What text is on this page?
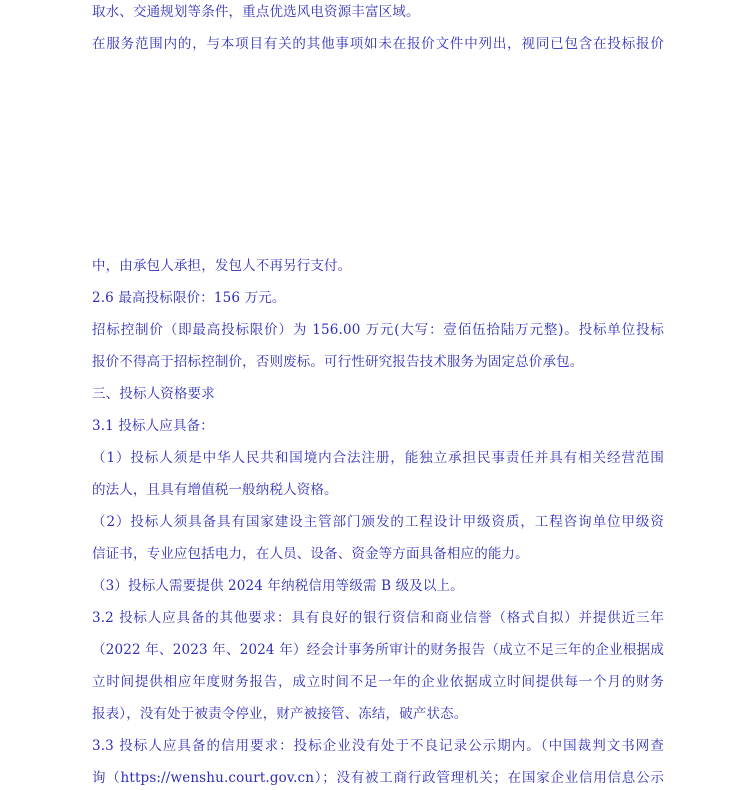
取水、交通规划等条件，重点优选风电资源丰富区域。
在服务范围内的，与本项目有关的其他事项如未在报价文件中列出，视同已包含在投标报价
中，由承包人承担，发包人不再另行支付。
2.6 最高投标限价：156 万元。
招标控制价（即最高投标限价）为 156.00 万元(大写：壹佰伍拾陆万元整)。投标单位投标
报价不得高于招标控制价，否则废标。可行性研究报告技术服务为固定总价承包。
三、投标人资格要求
3.1 投标人应具备：
（1）投标人须是中华人民共和国境内合法注册，能独立承担民事责任并具有相关经营范围
的法人，且具有增值税一般纳税人资格。
（2）投标人须具备具有国家建设主管部门颁发的工程设计甲级资质，工程咨询单位甲级资
信证书，专业应包括电力，在人员、设备、资金等方面具备相应的能力。
（3）投标人需要提供 2024 年纳税信用等级需 B 级及以上。
3.2 投标人应具备的其他要求：具有良好的银行资信和商业信誉（格式自拟）并提供近三年
（2022 年、2023 年、2024 年）经会计事务所审计的财务报告（成立不足三年的企业根据成
立时间提供相应年度财务报告，成立时间不足一年的企业依据成立时间提供每一个月的财务
报表），没有处于被责令停业，财产被接管、冻结，破产状态。
3.3 投标人应具备的信用要求：投标企业没有处于不良记录公示期内。（中国裁判文书网查
询（https://wenshu.court.gov.cn）；没有被工商行政管理机关；在国家企业信用信息公示
